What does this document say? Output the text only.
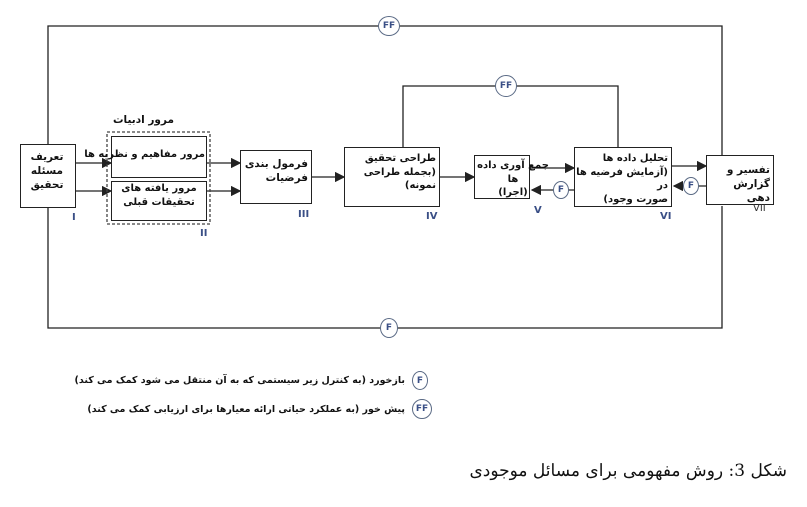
تعریف
مسئله
تحقیق
I
مرور ادبیات
مرور مفاهیم و نظریه ها
مرور یافته های
تحقیقات قبلی
II
فرمول بندی
فرضیات
III
طراحی تحقیق
(بجمله طراحی نمونه)
IV
جمع آوری داده ها
(اجرا)
V
تحلیل داده ها
(آزمایش فرضیه ها در
صورت وجود)
VI
تفسیر و
گزارش دهی
VII
FF
FF
F
F	F
F
بازخورد (به کنترل زیر سیستمی که به آن منتقل می شود کمک می کند)
FF
پیش خور (به عملکرد حیاتی ارائه معیارها برای ارزیابی کمک می کند)
شکل 3: روش مفهومی برای مسائل موجودی
